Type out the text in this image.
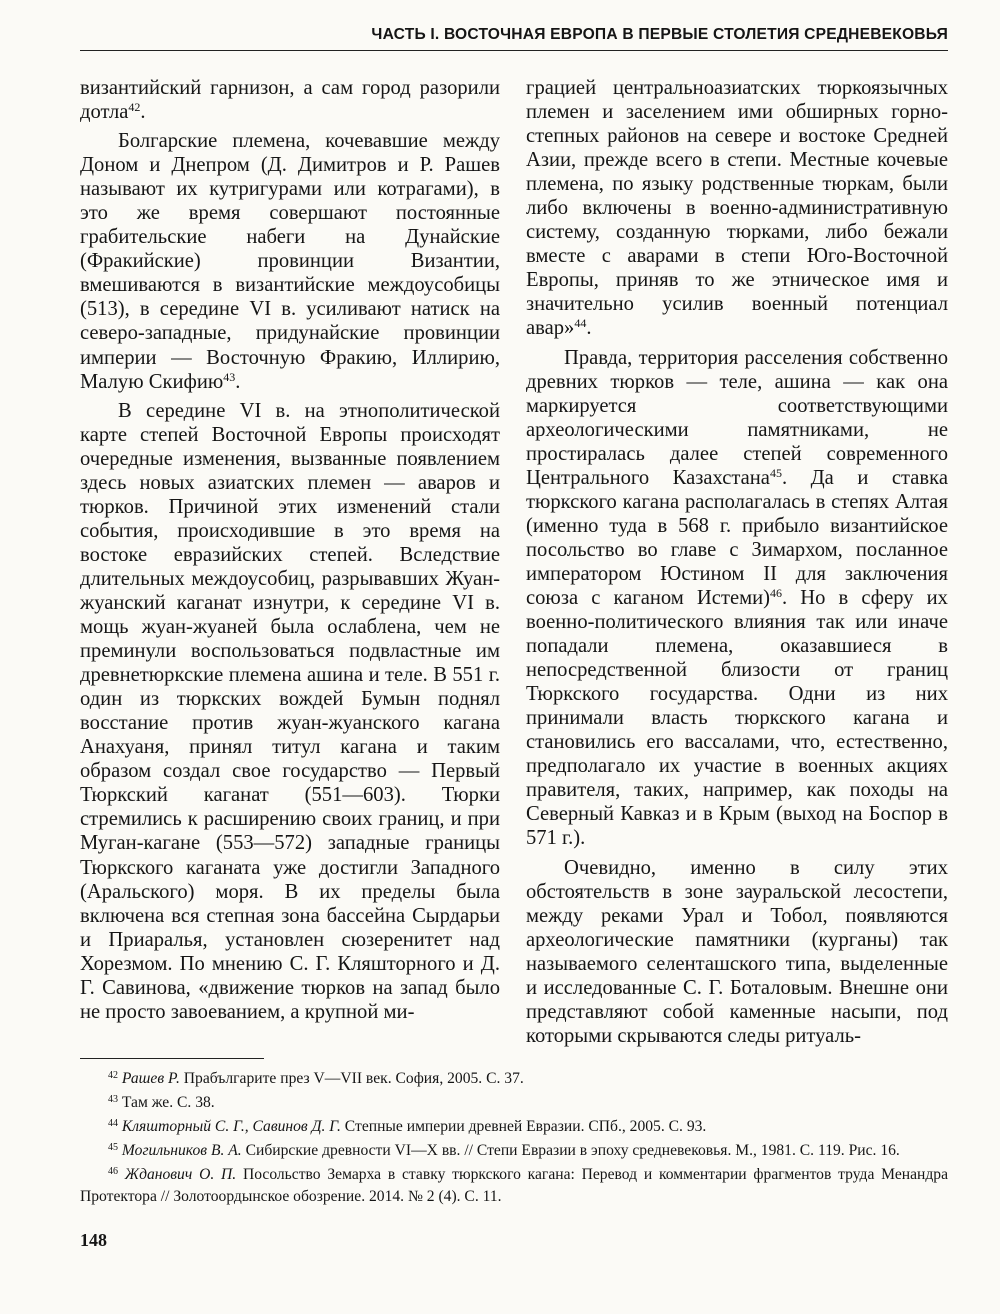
ЧАСТЬ I. ВОСТОЧНАЯ ЕВРОПА В ПЕРВЫЕ СТОЛЕТИЯ СРЕДНЕВЕКОВЬЯ

византийский гарнизон, а сам город разорили дотла$^{42}$.

Болгарские племена, кочевавшие между Доном и Днепром (Д. Димитров и Р. Рашев называют их кутригурами или котрагами), в это же время совершают постоянные грабительские набеги на Дунайские (Фракийские) провинции Византии, вмешиваются в византийские междоусобицы (513), в середине VI в. усиливают натиск на северо-западные, придунайские провинции империи — Восточную Фракию, Иллирию, Малую Скифию$^{43}$.

В середине VI в. на этнополитической карте степей Восточной Европы происходят очередные изменения, вызванные появлением здесь новых азиатских племен — аваров и тюрков. Причиной этих изменений стали события, происходившие в это время на востоке евразийских степей. Вследствие длительных междоусобиц, разрывавших Жуан-жуанский каганат изнутри, к середине VI в. мощь жуан-жуаней была ослаблена, чем не преминули воспользоваться подвластные им древнетюркские племена ашина и теле. В 551 г. один из тюркских вождей Бумын поднял восстание против жуан-жуанского кагана Анахуаня, принял титул кагана и таким образом создал свое государство — Первый Тюркский каганат (551—603). Тюрки стремились к расширению своих границ, и при Муган-кагане (553—572) западные границы Тюркского каганата уже достигли Западного (Аральского) моря. В их пределы была включена вся степная зона бассейна Сырдарьи и Приаралья, установлен сюзеренитет над Хорезмом. По мнению С. Г. Кляшторного и Д. Г. Савинова, «движение тюрков на запад было не просто завоеванием, а крупной ми-

грацией центральноазиатских тюркоязычных племен и заселением ими обширных горно-степных районов на севере и востоке Средней Азии, прежде всего в степи. Местные кочевые племена, по языку родственные тюркам, были либо включены в военно-административную систему, созданную тюрками, либо бежали вместе с аварами в степи Юго-Восточной Европы, приняв то же этническое имя и значительно усилив военный потенциал авар»$^{44}$.

Правда, территория расселения собственно древних тюрков — теле, ашина — как она маркируется соответствующими археологическими памятниками, не простиралась далее степей современного Центрального Казахстана$^{45}$. Да и ставка тюркского кагана располагалась в степях Алтая (именно туда в 568 г. прибыло византийское посольство во главе с Зимархом, посланное императором Юстином II для заключения союза с каганом Истеми)$^{46}$. Но в сферу их военно-политического влияния так или иначе попадали племена, оказавшиеся в непосредственной близости от границ Тюркского государства. Одни из них принимали власть тюркского кагана и становились его вассалами, что, естественно, предполагало их участие в военных акциях правителя, таких, например, как походы на Северный Кавказ и в Крым (выход на Боспор в 571 г.).

Очевидно, именно в силу этих обстоятельств в зоне зауральской лесостепи, между реками Урал и Тобол, появляются археологические памятники (курганы) так называемого селенташского типа, выделенные и исследованные С. Г. Боталовым. Внешне они представляют собой каменные насыпи, под которыми скрываются следы ритуаль-

$^{42}$ Рашев Р. Прабългарите през V—VII век. София, 2005. С. 37.

$^{43}$ Там же. С. 38.

$^{44}$ Кляшторный С. Г., Савинов Д. Г. Степные империи древней Евразии. СПб., 2005. С. 93.

$^{45}$ Могильников В. А. Сибирские древности VI—X вв. // Степи Евразии в эпоху средневековья. М., 1981. С. 119. Рис. 16.

$^{46}$ Жданович О. П. Посольство Земарха в ставку тюркского кагана: Перевод и комментарии фрагментов труда Менандра Протектора // Золотоордынское обозрение. 2014. № 2 (4). С. 11.

148
